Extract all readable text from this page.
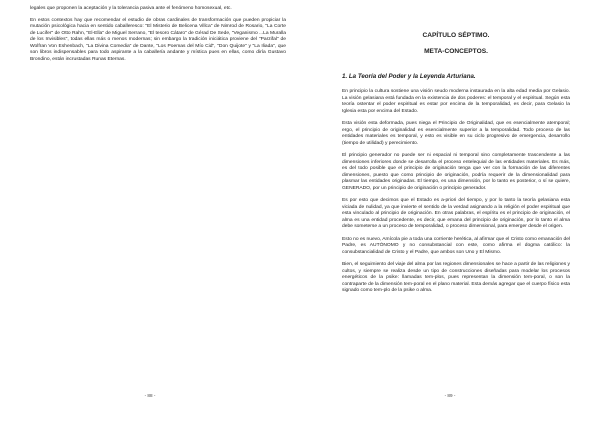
legales que proponen la aceptación y la tolerancia pasiva ante el fenómeno homosexual, etc.

En estos contextos hay que recomendar el estudio de obras cardinales de transformación que pueden propiciar la mutación psicológica hacia en sentido caballeresco: "El Misterio de Belicena Villca" de Nimrod de Rosario, "La Corte de Lucifer" de Otto Rahn, "El-Ella" de Miguel Serrano, "El tesoro Cátaro" de Gérad De Sede, "Veganismo ...La Muralla de los Invisibles", todas ellas más o menos modernas; sin embargo la tradición iniciática proviene del "Parzifal" de Wolfran Von Eshenbach, "La Divina Comedia" de Dante, "Los Poemas del Mío Cid", "Don Quijote" y "La Iliada", que son libros indispensables para todo aspirante a la caballería andante y mística pues en ellas, como diría Gustavo Brondino, están incrustadas Runas Eternas.

- 88 -
CAPÍTULO SÉPTIMO.
META-CONCEPTOS.
1. La Teoría del Poder y la Leyenda Arturiana.

En principio la cultura sostiene una visión seudo moderna instaurada en la alta edad media por Gelasio. La visión gelasiana está fundada en la existencia de dos poderes: el temporal y el espiritual. Según esta teoría ostentar el poder espiritual es estar por encima de la temporalidad, es decir, para Gelasio la Iglesia esta por encima del Estado.

Esta visión esta deformada, pues niega el Principio de Originalidad, que es esencialmente atemporal; ergo, el principio de originalidad es esencialmente superior a la temporalidad. Todo proceso de las entidades materiales es temporal, y esto es visible en su ciclo progresivo de emergencia, desarrollo (tiempo de utilidad) y perecimiento.

El principio generador no puede ser ni espacial ni temporal sino completamente trascendente a las dimensiones inferiores donde se desarrolla el proceso entelequial de las entidades materiales. Es más, es del todo posible que el principio de originación tenga que ver con la formación de las diferentes dimensiones, puesto que como principio de originación, podría requerir de la dimensionalidad para plasmar las entidades originadas. El tiempo, es una dimensión, por lo tanto es posterior, o sí se quiere, GENERADO, por un principio de originación o principio generador.

Es por esto que decimos que el Estado es a-priori del tiempo, y por lo tanto la teoría gelasiana esta viciada de nulidad, ya que invierte el sentido de la verdad asignando a la religión el poder espiritual que esta vinculado al principio de originación. En otras palabras, el espíritu es el principio de originación, el alma es una entidad procedente, es decir, que emana del principio de originación, por lo tanto el alma debe someterse a un proceso de temporalidad, o proceso dimensional, para emerger desde el origen.

Esto no es nuevo, Amícola pie a toda una corriente herética, al afirmar que el Cristo como emanación del Padre, es AUTÓNOMO y no consubstancial con este, como afirma el dogma católico: la consubstancialidad de Cristo y el Padre, que ambos son Uno y El Mismo.

Bien, el seguimiento del viaje del alma por las regiones dimensionales se hace a partir de las religiones y cultos, y siempre se realiza desde un tipo de construcciones diseñadas para modelar los procesos energéticos de la psike: llamadas tem-plos, pues representan la dimensión tem-poral, o son la contraparte de la dimensión tem-poral en el plano material. Esta demás agregar que el cuerpo físico esta signado como tem-plo de la psike o alma.

- 89 -
